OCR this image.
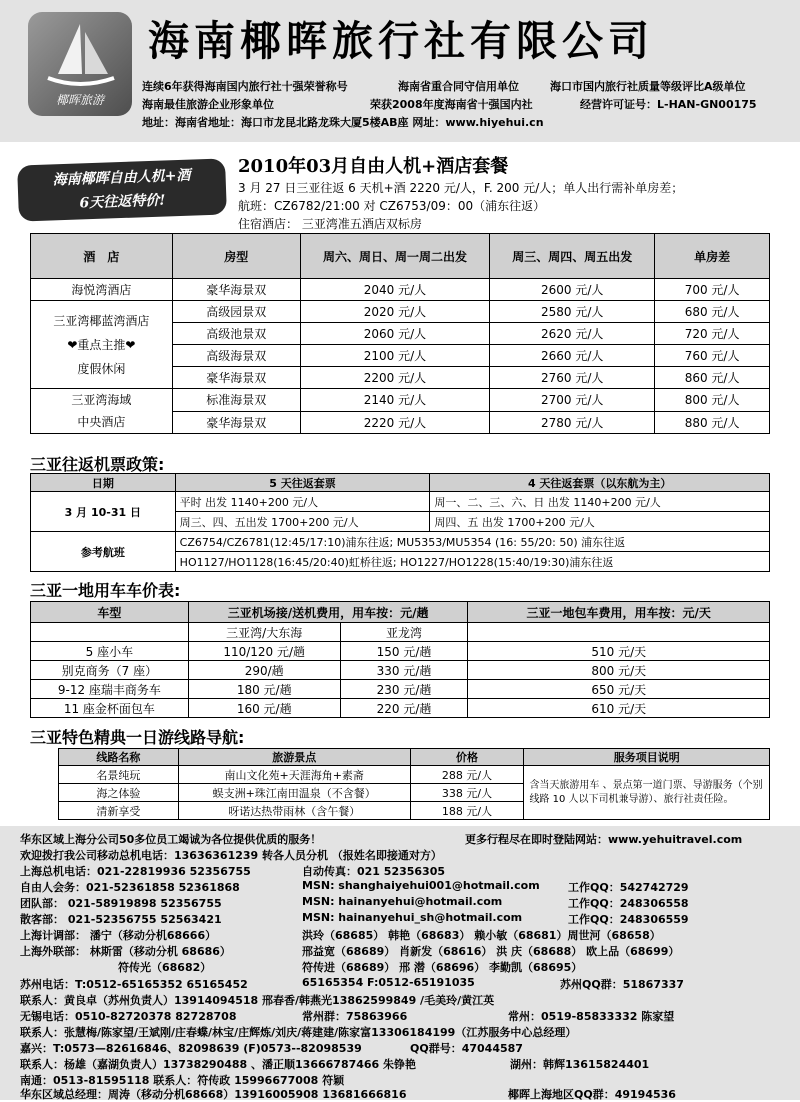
椰晖旅游
海南椰晖旅行社有限公司
连续6年获得海南国内旅行社十强荣誉称号	海南省重合同守信用单位	海口市国内旅行社质量等级评比A级单位
海南最佳旅游企业形象单位	荣获2008年度海南省十强国内社	经营许可证号：L-HAN-GN00175
地址：海南省地址：海口市龙昆北路龙珠大厦5楼AB座 网址：www.hiyehui.cn
海南椰晖自由人机+酒
6天往返特价!
2010年03月自由人机+酒店套餐
3 月 27 日三亚往返 6 天机+酒 2220 元/人，F. 200 元/人；单人出行需补单房差；
航班：CZ6782/21:00 对 CZ6753/09：00（浦东往返）
住宿酒店： 三亚湾准五酒店双标房
酒　店	房型	周六、周日、周一周二出发	周三、周四、周五出发	单房差
海悦湾酒店	豪华海景双	2040 元/人	2600 元/人	700 元/人

三亚湾椰蓝湾酒店
❤重点主推❤
度假休闲	高级园景双	2020 元/人	2580 元/人	680 元/人
	高级池景双	2060 元/人	2620 元/人	720 元/人
	高级海景双	2100 元/人	2660 元/人	760 元/人
	豪华海景双	2200 元/人	2760 元/人	860 元/人

三亚湾海域
中央酒店	标准海景双	2140 元/人	2700 元/人	800 元/人
	豪华海景双	2220 元/人	2780 元/人	880 元/人
三亚往返机票政策:
日期	5 天往返套票	4 天往返套票（以东航为主）
3 月 10-31 日	平时 出发 1140+200 元/人	周一、二、三、六、日 出发 1140+200 元/人
	周三、四、五出发 1700+200 元/人	周四、五 出发 1700+200 元/人
参考航班	CZ6754/CZ6781(12:45/17:10)浦东往返; MU5353/MU5354 (16: 55/20: 50) 浦东往返	
	HO1127/HO1128(16:45/20:40)虹桥往返; HO1227/HO1228(15:40/19:30)浦东往返	
三亚一地用车车价表:
车型	三亚机场接/送机费用，用车按：元/趟		三亚一地包车费用，用车按：元/天
	三亚湾/大东海	亚龙湾	
5 座小车	110/120 元/趟	150 元/趟	510 元/天
别克商务（7 座）	290/趟	330 元/趟	800 元/天
9-12 座瑞丰商务车	180 元/趟	230 元/趟	650 元/天
11 座金杯面包车	160 元/趟	220 元/趟	610 元/天
三亚特色精典一日游线路导航:
线路名称	旅游景点	价格	服务项目说明
名景纯玩	南山文化苑+天涯海角+素斋	288 元/人	含当天旅游用车 、景点第一道门票、导游服务（个别线路 10 人以下司机兼导游）、旅行社责任险。
海之体验	蜈支洲+珠江南田温泉（不含餐）	338 元/人	
清新享受	呀诺达热带雨林（含午餐）	188 元/人	
华东区域上海分公司50多位员工竭诚为各位提供优质的服务！	更多行程尽在即时登陆网站：www.yehuitravel.com
欢迎拨打我公司移动总机电话：13636361239 转各人员分机 （报姓名即接通对方）
上海总机电话：021-22819936 52356755	自动传真：021 52356305
自由人会务：021-52361858 52361868	MSN: shanghaiyehui001@hotmail.com	工作QQ：542742729
团队部： 021-58919898 52356755	MSN: hainanyehui@hotmail.com	工作QQ：248306558
散客部： 021-52356755 52563421	MSN: hainanyehui_sh@hotmail.com	工作QQ：248306559
上海计调部： 潘宁（移动分机68666）	洪玲（68685） 韩艳（68683） 赖小敏（68681）周世河（68658）
上海外联部： 林斯雷（移动分机 68686）	邢益宽（68689） 肖新发（68616） 洪 庆（68688） 欧上品（68699）
符传光（68682）	符传进（68689） 邢 潜（68696） 李勤凯（68695）
苏州电话：T:0512-65165352 65165452	65165354 F:0512-65191035	苏州QQ群：51867337
联系人：黄良卓（苏州负责人）13914094518 邢春香/韩燕光13862599849 /毛美玲/黄江英
无锡电话：0510-82720378 82728708	常州群：75863966	常州：0519-85833332 陈家望
联系人：张慧梅/陈家望/王斌刚/庄春蝶/林宝/庄辉炼/刘庆/蒋建建/陈家富13306184199（江苏服务中心总经理）
嘉兴：T:0573—82616846、82098639 (F)0573--82098539	QQ群号：47044587
联系人：杨雄（嘉湖负责人）13738290488 、潘正顺13666787466 朱铮艳	湖州：韩辉13615824401
南通：0513-81595118 联系人：符传政 15996677008 符颖
华东区域总经理：周涛（移动分机68668）13916005908 13681666816	椰晖上海地区QQ群：49194536
